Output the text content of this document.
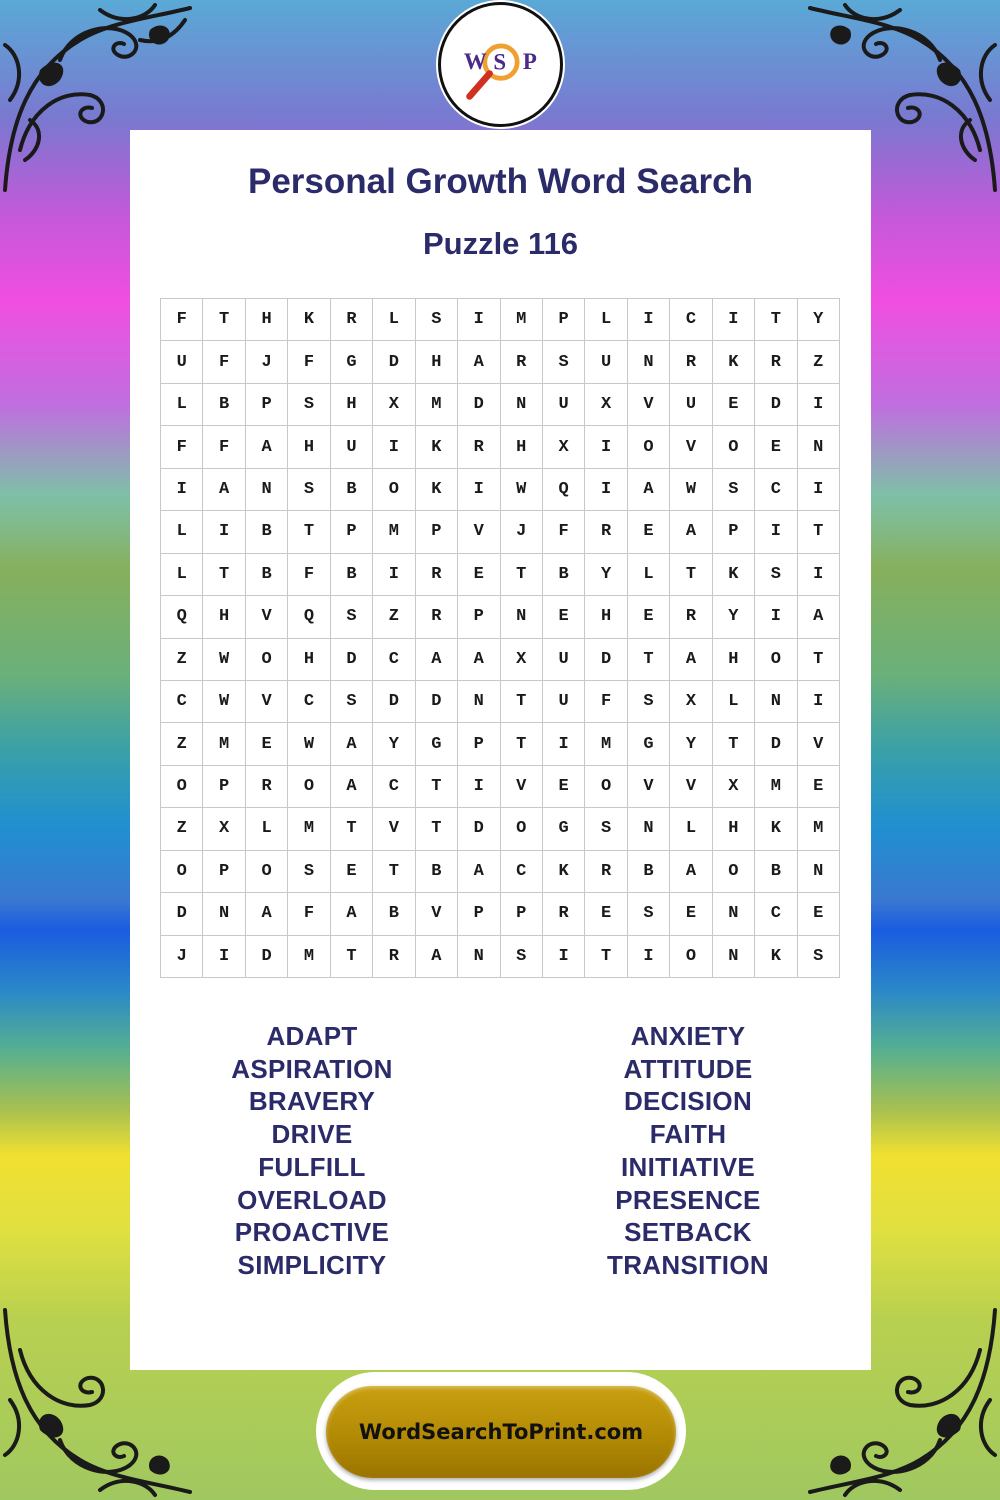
W S P
Personal Growth Word Search
Puzzle 116
F	T	H	K	R	L	S	I	M	P	L	I	C	I	T	Y
U	F	J	F	G	D	H	A	R	S	U	N	R	K	R	Z
L	B	P	S	H	X	M	D	N	U	X	V	U	E	D	I
F	F	A	H	U	I	K	R	H	X	I	O	V	O	E	N
I	A	N	S	B	O	K	I	W	Q	I	A	W	S	C	I
L	I	B	T	P	M	P	V	J	F	R	E	A	P	I	T
L	T	B	F	B	I	R	E	T	B	Y	L	T	K	S	I
Q	H	V	Q	S	Z	R	P	N	E	H	E	R	Y	I	A
Z	W	O	H	D	C	A	A	X	U	D	T	A	H	O	T
C	W	V	C	S	D	D	N	T	U	F	S	X	L	N	I
Z	M	E	W	A	Y	G	P	T	I	M	G	Y	T	D	V
O	P	R	O	A	C	T	I	V	E	O	V	V	X	M	E
Z	X	L	M	T	V	T	D	O	G	S	N	L	H	K	M
O	P	O	S	E	T	B	A	C	K	R	B	A	O	B	N
D	N	A	F	A	B	V	P	P	R	E	S	E	N	C	E
J	I	D	M	T	R	A	N	S	I	T	I	O	N	K	S
ADAPT
ASPIRATION
BRAVERY
DRIVE
FULFILL
OVERLOAD
PROACTIVE
SIMPLICITY
ANXIETY
ATTITUDE
DECISION
FAITH
INITIATIVE
PRESENCE
SETBACK
TRANSITION
WordSearchToPrint.com
